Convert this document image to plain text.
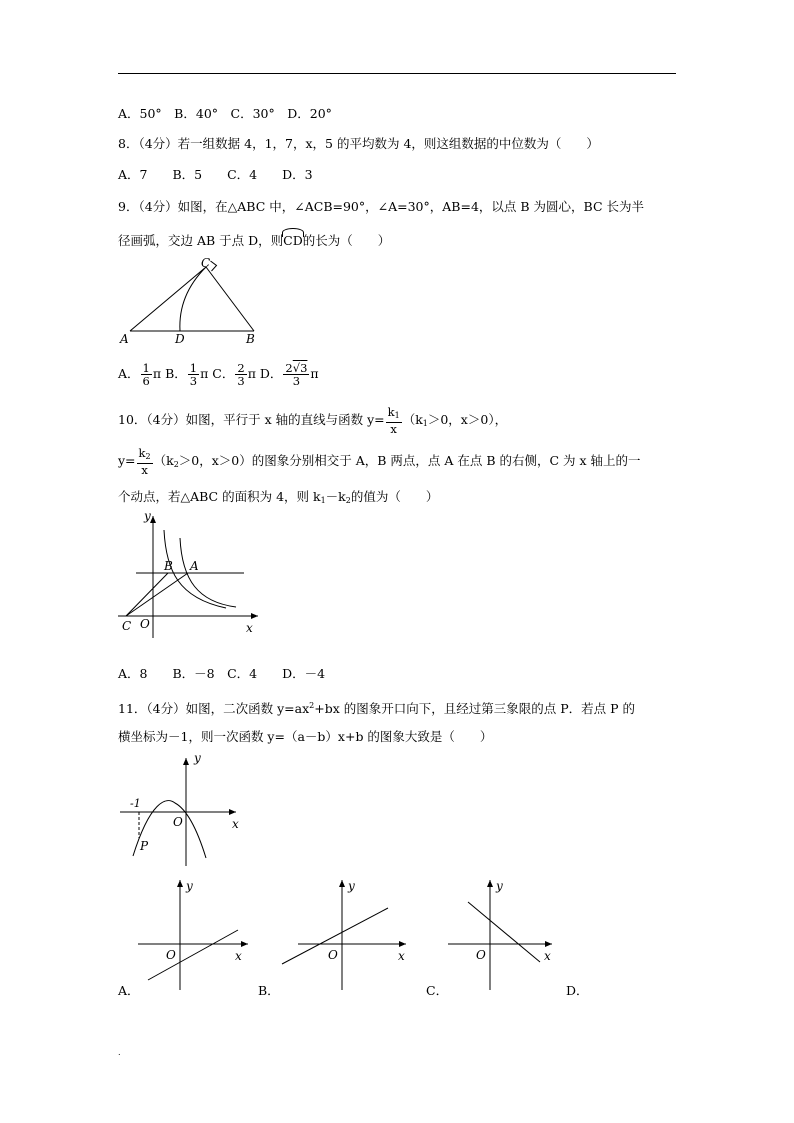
A．50°　B．40°　C．30°　D．20°
8．（4分）若一组数据 4，1，7，x，5 的平均数为 4，则这组数据的中位数为（　　）
A．7　　B．5　　C．4　　D．3
9．（4分）如图，在△ABC 中，∠ACB=90°，∠A=30°，AB=4，以点 B 为圆心，BC 长为半
径画弧，交边 AB 于点 D，则CD的长为（　　）
A	D	B
C
A． $\frac{1}{6}$ π B． $\frac{1}{3}$ π C． $\frac{2}{3}$ π D． $\frac{2√3}{3}$ π
10．（4分）如图，平行于 x 轴的直线与函数 $y= \frac{k_1}{x} (k_1>0$，x＞0），
$y= \frac{k_2}{x} (k_2>0$，x＞0）的图象分别相交于 A，B 两点，点 A 在点 B 的右侧，C 为 x 轴上的一
个动点，若△ABC 的面积为 4，则 $k_1-k_2$的值为（　　）
y
x
B A
C O
A．8　　B．－8　C．4　　D．－4
11．（4分）如图，二次函数 $y=ax^2+bx$ 的图象开口向下，且经过第三象限的点 P．若点 P 的
横坐标为－1，则一次函数 y=（a－b）x+b 的图象大致是（　　）
y
x
O
-1
P
y
x
O
A．
y
x
O
B．
y
x
O
C．	D．
.
